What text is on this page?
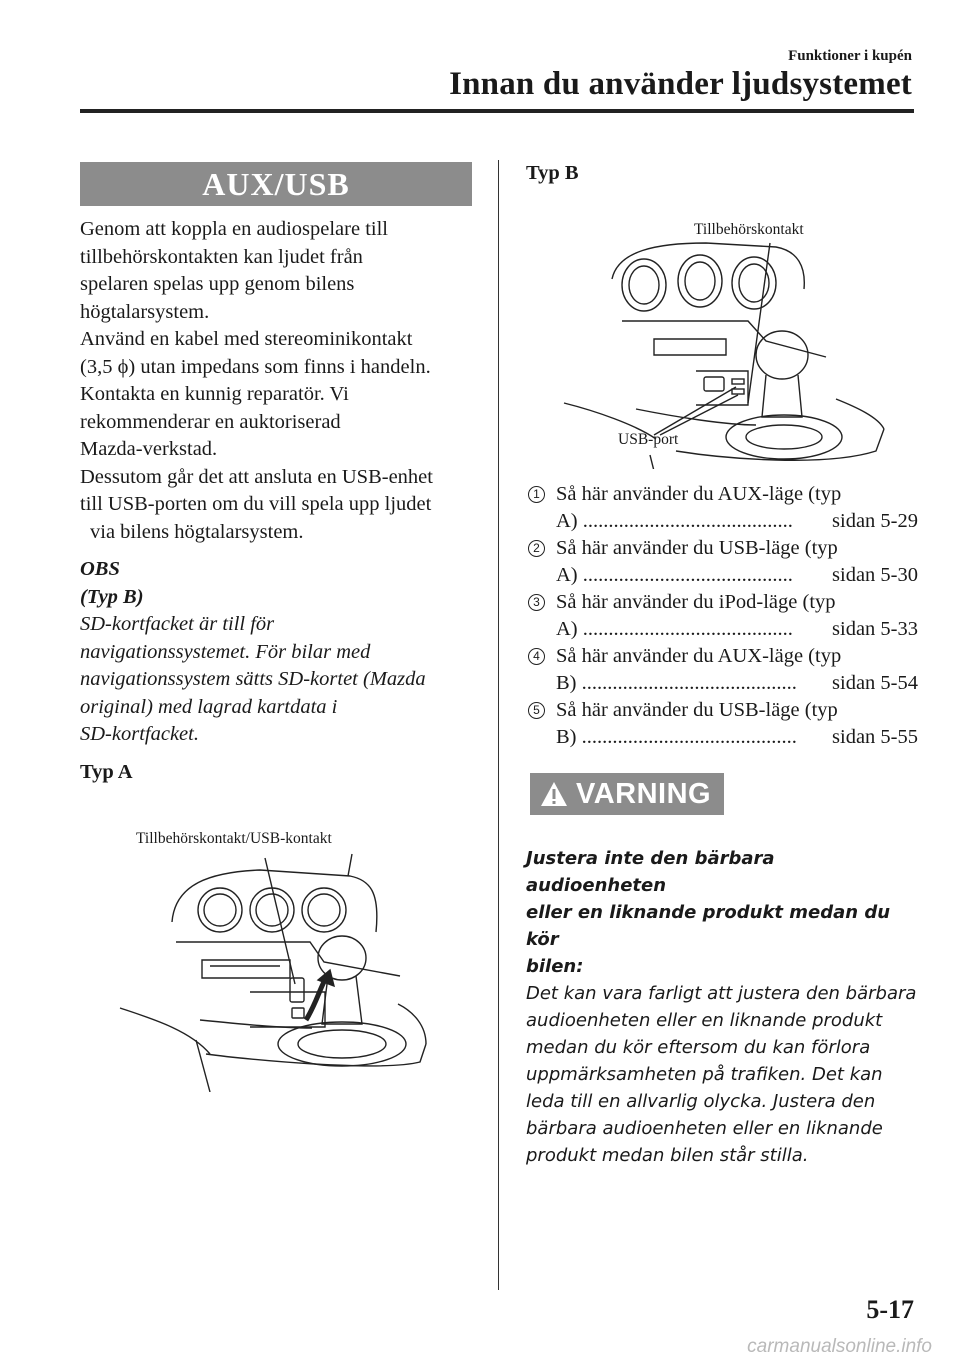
Funktioner i kupén
Innan du använder ljudsystemet
AUX/USB

Genom att koppla en audiospelare till

tillbehörskontakten kan ljudet från

spelaren spelas upp genom bilens

högtalarsystem.

Använd en kabel med stereominikontakt

(3,5 ϕ) utan impedans som finns i handeln.

Kontakta en kunnig reparatör. Vi

rekommenderar en auktoriserad

Mazda-verkstad.

Dessutom går det att ansluta en USB-enhet

till USB-porten om du vill spela upp ljudet

via bilens högtalarsystem.

OBS
(Typ B)
SD-kortfacket är till för
navigationssystemet. För bilar med
navigationssystem sätts SD-kortet (Mazda
original) med lagrad kartdata i
SD-kortfacket.
Typ A
Tillbehörskontakt/USB-kontakt
Typ B
Tillbehörskontakt
USB-port
1 Så här använder du AUX-läge (typ
A) .........................................	sidan 5-29
2 Så här använder du USB-läge (typ
A) .........................................	sidan 5-30
3 Så här använder du iPod-läge (typ
A) .........................................	sidan 5-33
4 Så här använder du AUX-läge (typ
B) ..........................................	sidan 5-54
5 Så här använder du USB-läge (typ
B) ..........................................	sidan 5-55
VARNING
Justera inte den bärbara audioenheten
eller en liknande produkt medan du kör
bilen:
Det kan vara farligt att justera den bärbara
audioenheten eller en liknande produkt
medan du kör eftersom du kan förlora
uppmärksamheten på trafiken. Det kan
leda till en allvarlig olycka. Justera den
bärbara audioenheten eller en liknande
produkt medan bilen står stilla.
5-17
carmanualsonline.info
